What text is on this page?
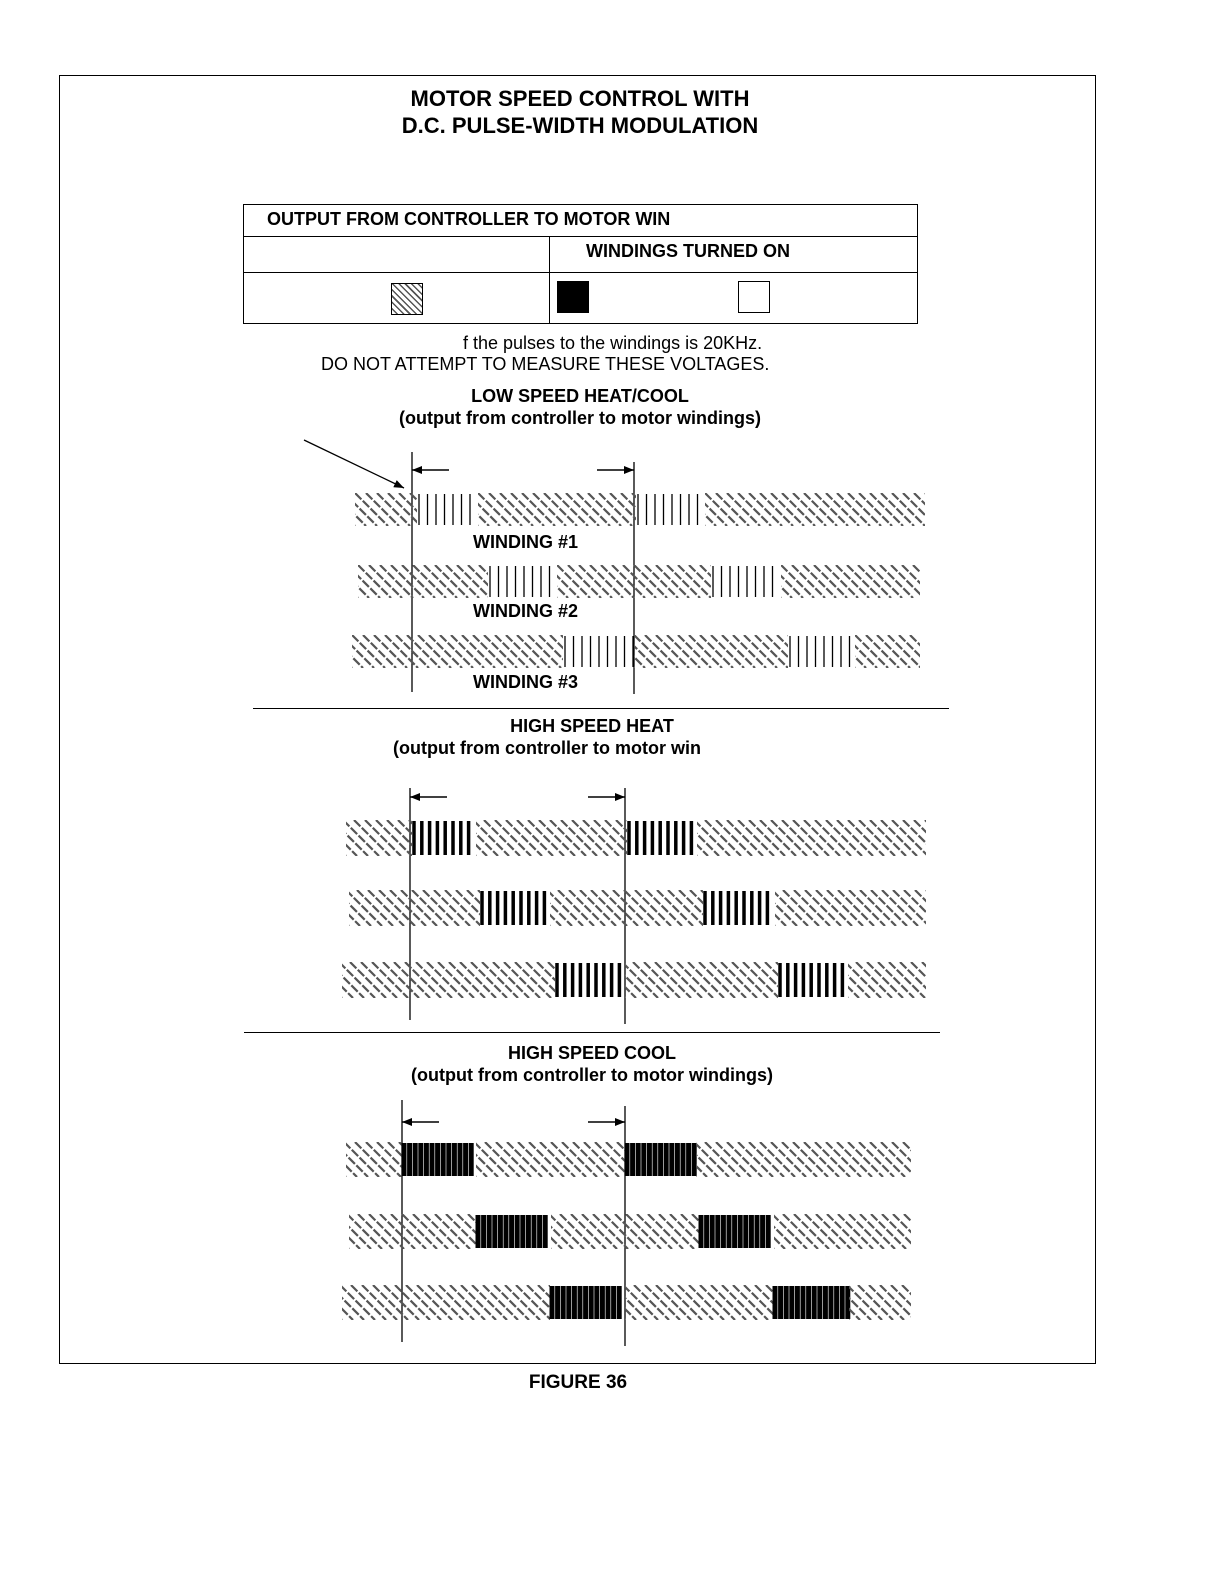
MOTOR SPEED CONTROL WITH
D.C. PULSE-WIDTH MODULATION
OUTPUT FROM CONTROLLER TO MOTOR WIN
WINDINGS TURNED ON
f the pulses to the windings is 20KHz.
DO NOT ATTEMPT TO MEASURE THESE VOLTAGES.
LOW SPEED HEAT/COOL
(output from controller to motor windings)
WINDING #1
WINDING #2
WINDING #3
HIGH SPEED HEAT
(output from controller to motor win
HIGH SPEED COOL
(output from controller to motor windings)
FIGURE 36
